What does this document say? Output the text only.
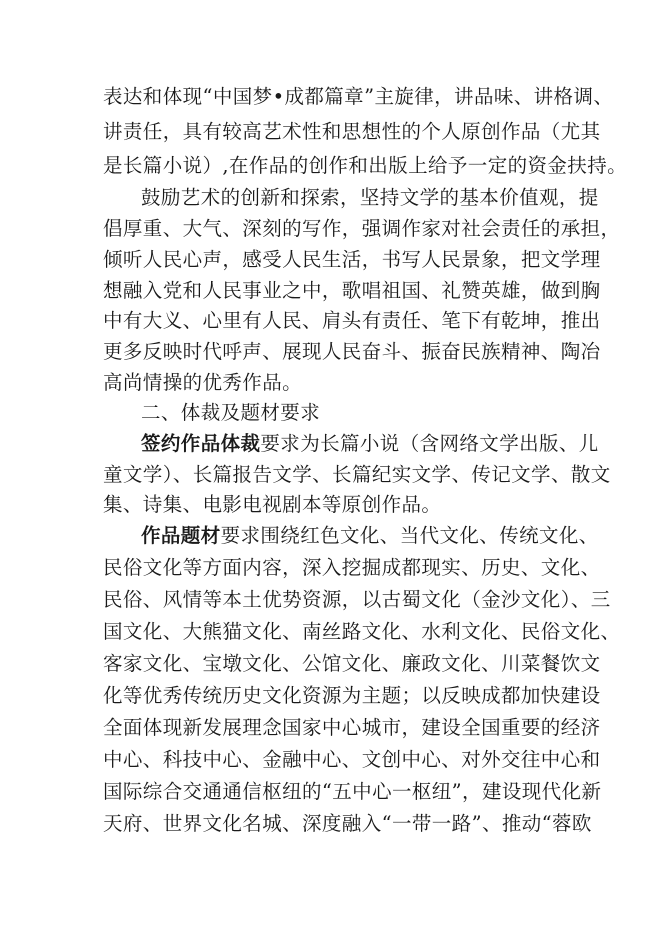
表达和体现“中国梦•成都篇章”主旋律，讲品味、讲格调、
讲责任，具有较高艺术性和思想性的个人原创作品（尤其
是长篇小说）,在作品的创作和出版上给予一定的资金扶持。
鼓励艺术的创新和探索，坚持文学的基本价值观，提
倡厚重、大气、深刻的写作，强调作家对社会责任的承担，
倾听人民心声，感受人民生活，书写人民景象，把文学理
想融入党和人民事业之中，歌唱祖国、礼赞英雄，做到胸
中有大义、心里有人民、肩头有责任、笔下有乾坤，推出
更多反映时代呼声、展现人民奋斗、振奋民族精神、陶冶
高尚情操的优秀作品。
二、体裁及题材要求
签约作品体裁要求为长篇小说（含网络文学出版、儿
童文学）、长篇报告文学、长篇纪实文学、传记文学、散文
集、诗集、电影电视剧本等原创作品。
作品题材要求围绕红色文化、当代文化、传统文化、
民俗文化等方面内容，深入挖掘成都现实、历史、文化、
民俗、风情等本土优势资源，以古蜀文化（金沙文化）、三
国文化、大熊猫文化、南丝路文化、水利文化、民俗文化、
客家文化、宝墩文化、公馆文化、廉政文化、川菜餐饮文
化等优秀传统历史文化资源为主题；以反映成都加快建设
全面体现新发展理念国家中心城市，建设全国重要的经济
中心、科技中心、金融中心、文创中心、对外交往中心和
国际综合交通通信枢纽的“五中心一枢纽”，建设现代化新
天府、世界文化名城、深度融入“一带一路”、推动“蓉欧
